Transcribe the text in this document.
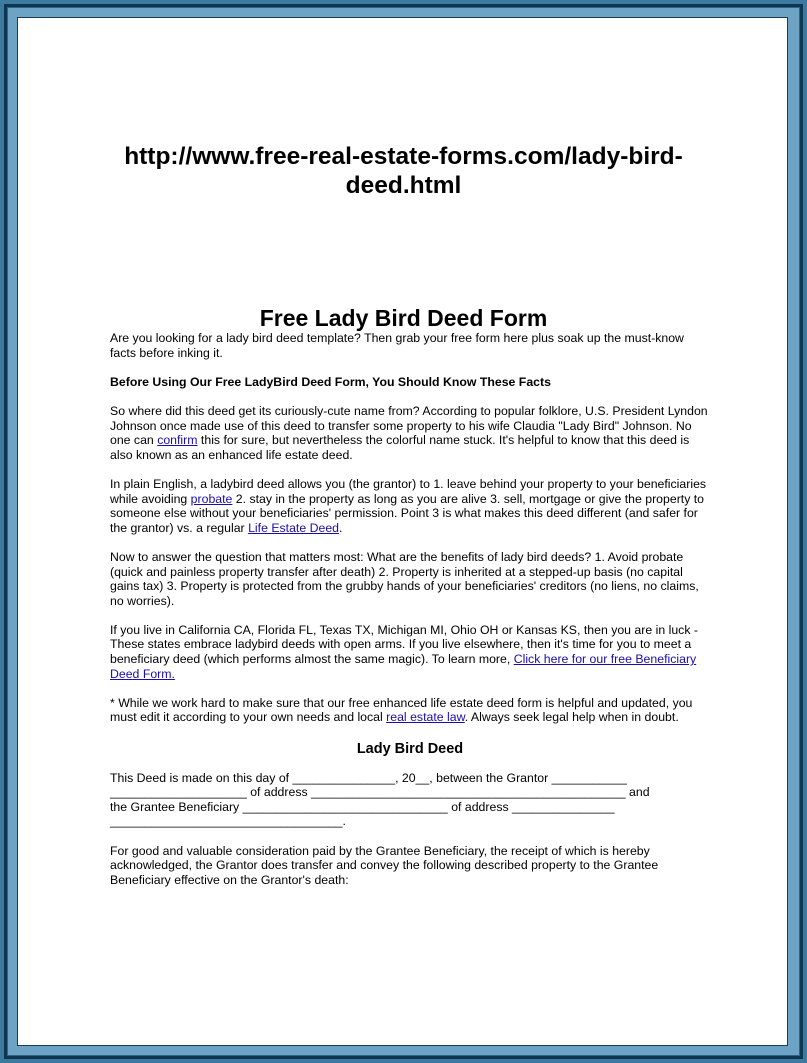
http://www.free-real-estate-forms.com/lady-bird-
deed.html
Free Lady Bird Deed Form

Are you looking for a lady bird deed template? Then grab your free form here plus soak up the must-know facts before inking it.

Before Using Our Free LadyBird Deed Form, You Should Know These Facts

So where did this deed get its curiously-cute name from? According to popular folklore, U.S. President Lyndon Johnson once made use of this deed to transfer some property to his wife Claudia "Lady Bird" Johnson. No one can confirm this for sure, but nevertheless the colorful name stuck. It's helpful to know that this deed is also known as an enhanced life estate deed.

In plain English, a ladybird deed allows you (the grantor) to 1. leave behind your property to your beneficiaries while avoiding probate 2. stay in the property as long as you are alive 3. sell, mortgage or give the property to someone else without your beneficiaries' permission. Point 3 is what makes this deed different (and safer for the grantor) vs. a regular Life Estate Deed.

Now to answer the question that matters most: What are the benefits of lady bird deeds? 1. Avoid probate (quick and painless property transfer after death) 2. Property is inherited at a stepped-up basis (no capital gains tax) 3. Property is protected from the grubby hands of your beneficiaries' creditors (no liens, no claims, no worries).

If you live in California CA, Florida FL, Texas TX, Michigan MI, Ohio OH or Kansas KS, then you are in luck - These states embrace ladybird deeds with open arms. If you live elsewhere, then it's time for you to meet a beneficiary deed (which performs almost the same magic). To learn more, Click here for our free Beneficiary Deed Form.

* While we work hard to make sure that our free enhanced life estate deed form is helpful and updated, you must edit it according to your own needs and local real estate law. Always seek legal help when in doubt.

Lady Bird Deed

This Deed is made on this day of _______________, 20__, between the Grantor ___________
____________________ of address ______________________________________________ and
the Grantee Beneficiary ______________________________ of address _______________
__________________________________.

For good and valuable consideration paid by the Grantee Beneficiary, the receipt of which is hereby acknowledged, the Grantor does transfer and convey the following described property to the Grantee Beneficiary effective on the Grantor's death:
